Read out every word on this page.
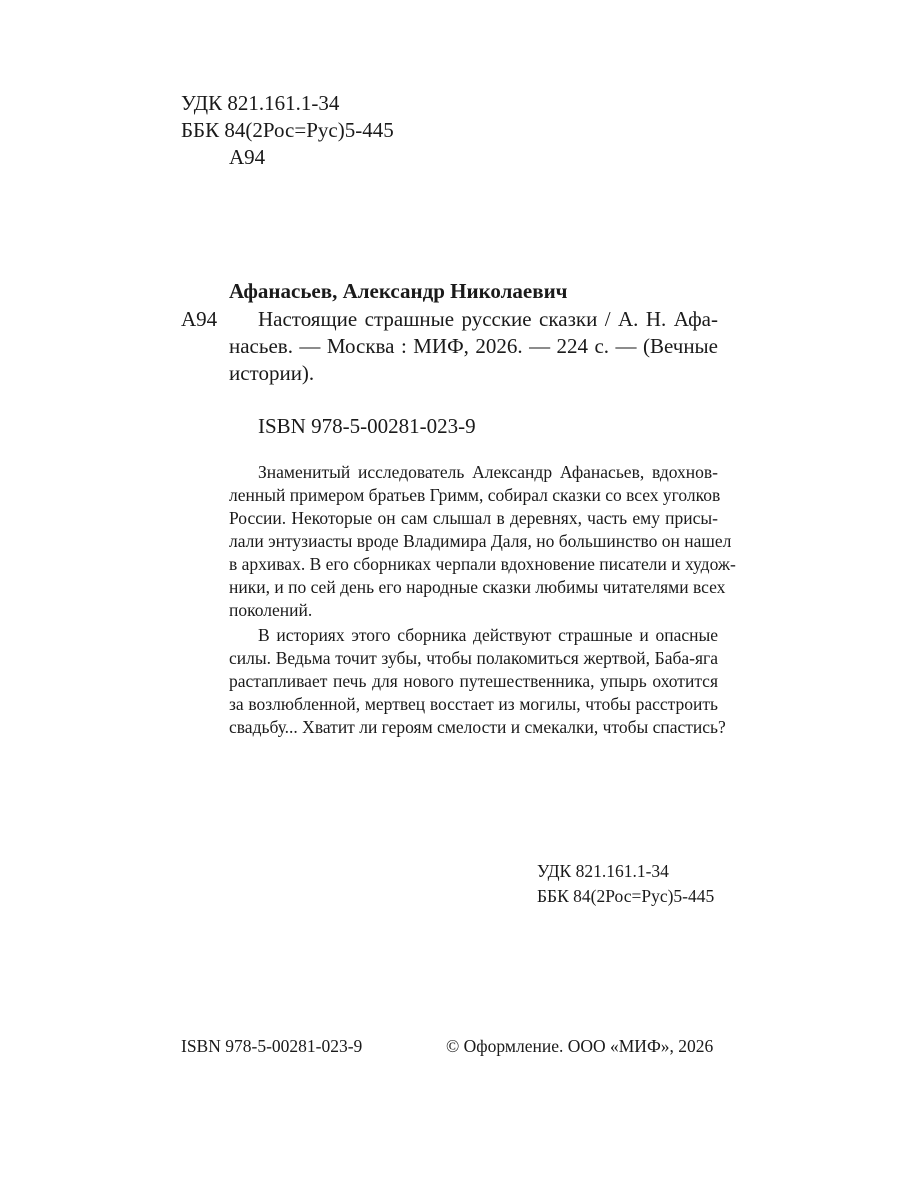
УДК 821.161.1-34
ББК 84(2Рос=Рус)5-445
А94
Афанасьев, Александр Николаевич
А94 Настоящие страшные русские сказки / А. Н. Афа-
насьев. — Москва : МИФ, 2026. — 224 с. — (Вечные
истории).
ISBN 978-5-00281-023-9
Знаменитый исследователь Александр Афанасьев, вдохнов-
ленный примером братьев Гримм, собирал сказки со всех уголков
России. Некоторые он сам слышал в деревнях, часть ему присы-
лали энтузиасты вроде Владимира Даля, но большинство он нашел
в архивах. В его сборниках черпали вдохновение писатели и худож-
ники, и по сей день его народные сказки любимы читателями всех
поколений.
В историях этого сборника действуют страшные и опасные
силы. Ведьма точит зубы, чтобы полакомиться жертвой, Баба-яга
растапливает печь для нового путешественника, упырь охотится
за возлюбленной, мертвец восстает из могилы, чтобы расстроить
свадьбу... Хватит ли героям смелости и смекалки, чтобы спастись?
УДК 821.161.1-34
ББК 84(2Рос=Рус)5-445
ISBN 978-5-00281-023-9	© Оформление. ООО «МИФ», 2026
